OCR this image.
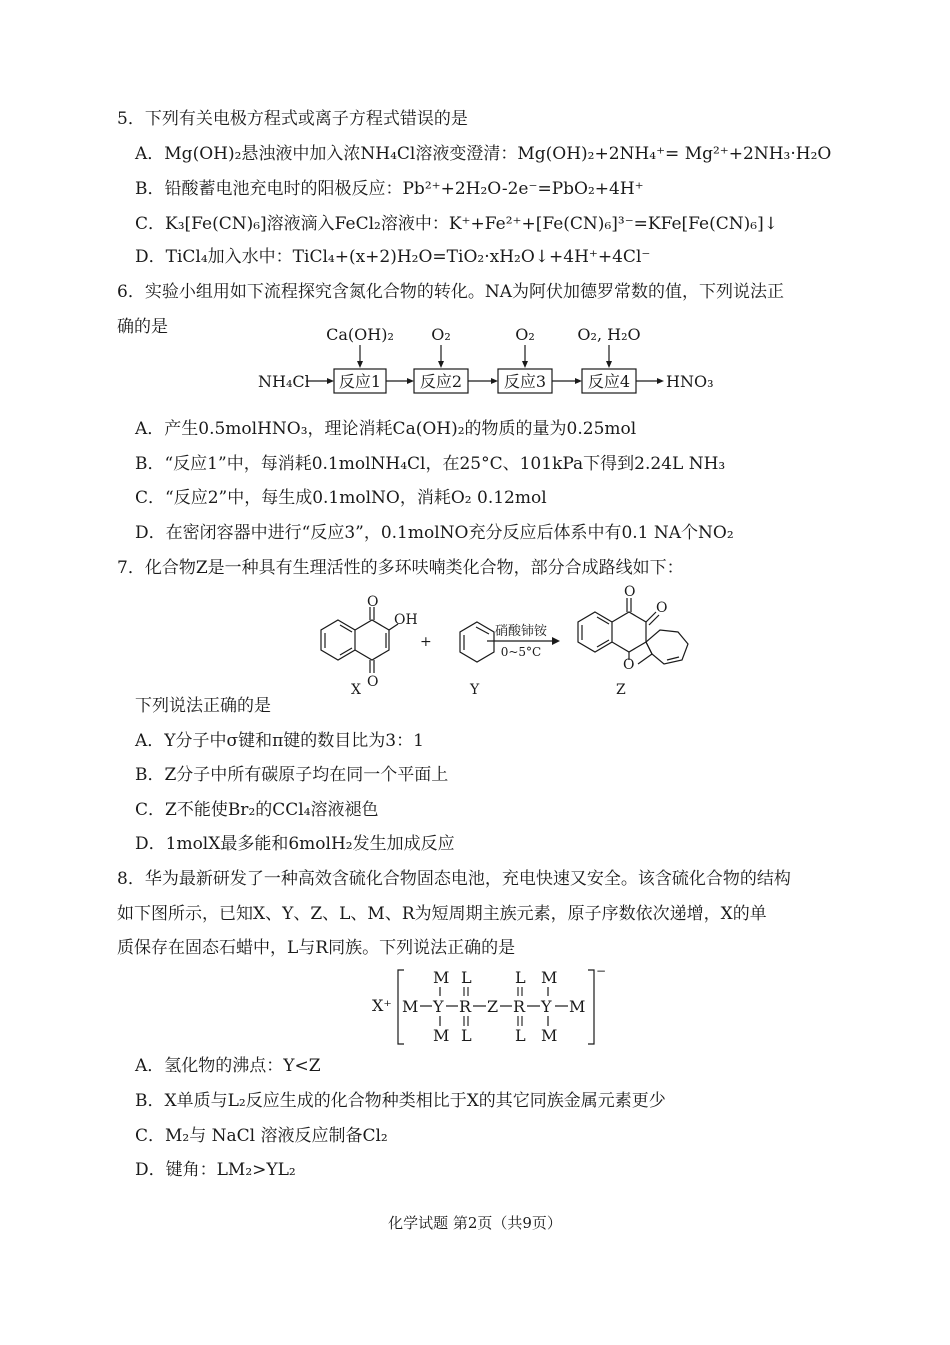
5．下列有关电极方程式或离子方程式错误的是
A．Mg(OH)₂悬浊液中加入浓NH₄Cl溶液变澄清：Mg(OH)₂+2NH₄⁺= Mg²⁺+2NH₃·H₂O
B．铅酸蓄电池充电时的阳极反应：Pb²⁺+2H₂O-2e⁻=PbO₂+4H⁺
C．K₃[Fe(CN)₆]溶液滴入FeCl₂溶液中：K⁺+Fe²⁺+[Fe(CN)₆]³⁻=KFe[Fe(CN)₆]↓
D．TiCl₄加入水中：TiCl₄+(x+2)H₂O=TiO₂·xH₂O↓+4H⁺+4Cl⁻
6．实验小组用如下流程探究含氮化合物的转化。NA为阿伏加德罗常数的值，下列说法正
确的是
NH₄Cl 反应1 反应2	反应3	反应4 HNO₃
Ca(OH)₂ O₂	O₂	O₂, H₂O
OH
O
O
X
+
Y
硝酸铈铵
0~5°C
O
O
O
Z
X⁺
−
M Y
M
M
R
L
L
Z R
L
L
Y
M
M
M
A．产生0.5molHNO₃，理论消耗Ca(OH)₂的物质的量为0.25mol
B．“反应1”中，每消耗0.1molNH₄Cl，在25°C、101kPa下得到2.24L NH₃
C．“反应2”中，每生成0.1molNO，消耗O₂ 0.12mol
D．在密闭容器中进行“反应3”，0.1molNO充分反应后体系中有0.1 NA个NO₂
7．化合物Z是一种具有生理活性的多环呋喃类化合物，部分合成路线如下：
下列说法正确的是
A．Y分子中σ键和π键的数目比为3：1
B．Z分子中所有碳原子均在同一个平面上
C．Z不能使Br₂的CCl₄溶液褪色
D．1molX最多能和6molH₂发生加成反应
8．华为最新研发了一种高效含硫化合物固态电池，充电快速又安全。该含硫化合物的结构
如下图所示，已知X、Y、Z、L、M、R为短周期主族元素，原子序数依次递增，X的单
质保存在固态石蜡中，L与R同族。下列说法正确的是
A．氢化物的沸点：Y<Z
B．X单质与L₂反应生成的化合物种类相比于X的其它同族金属元素更少
C．M₂与 NaCl 溶液反应制备Cl₂
D．键角：LM₂>YL₂
化学试题 第2页（共9页）
